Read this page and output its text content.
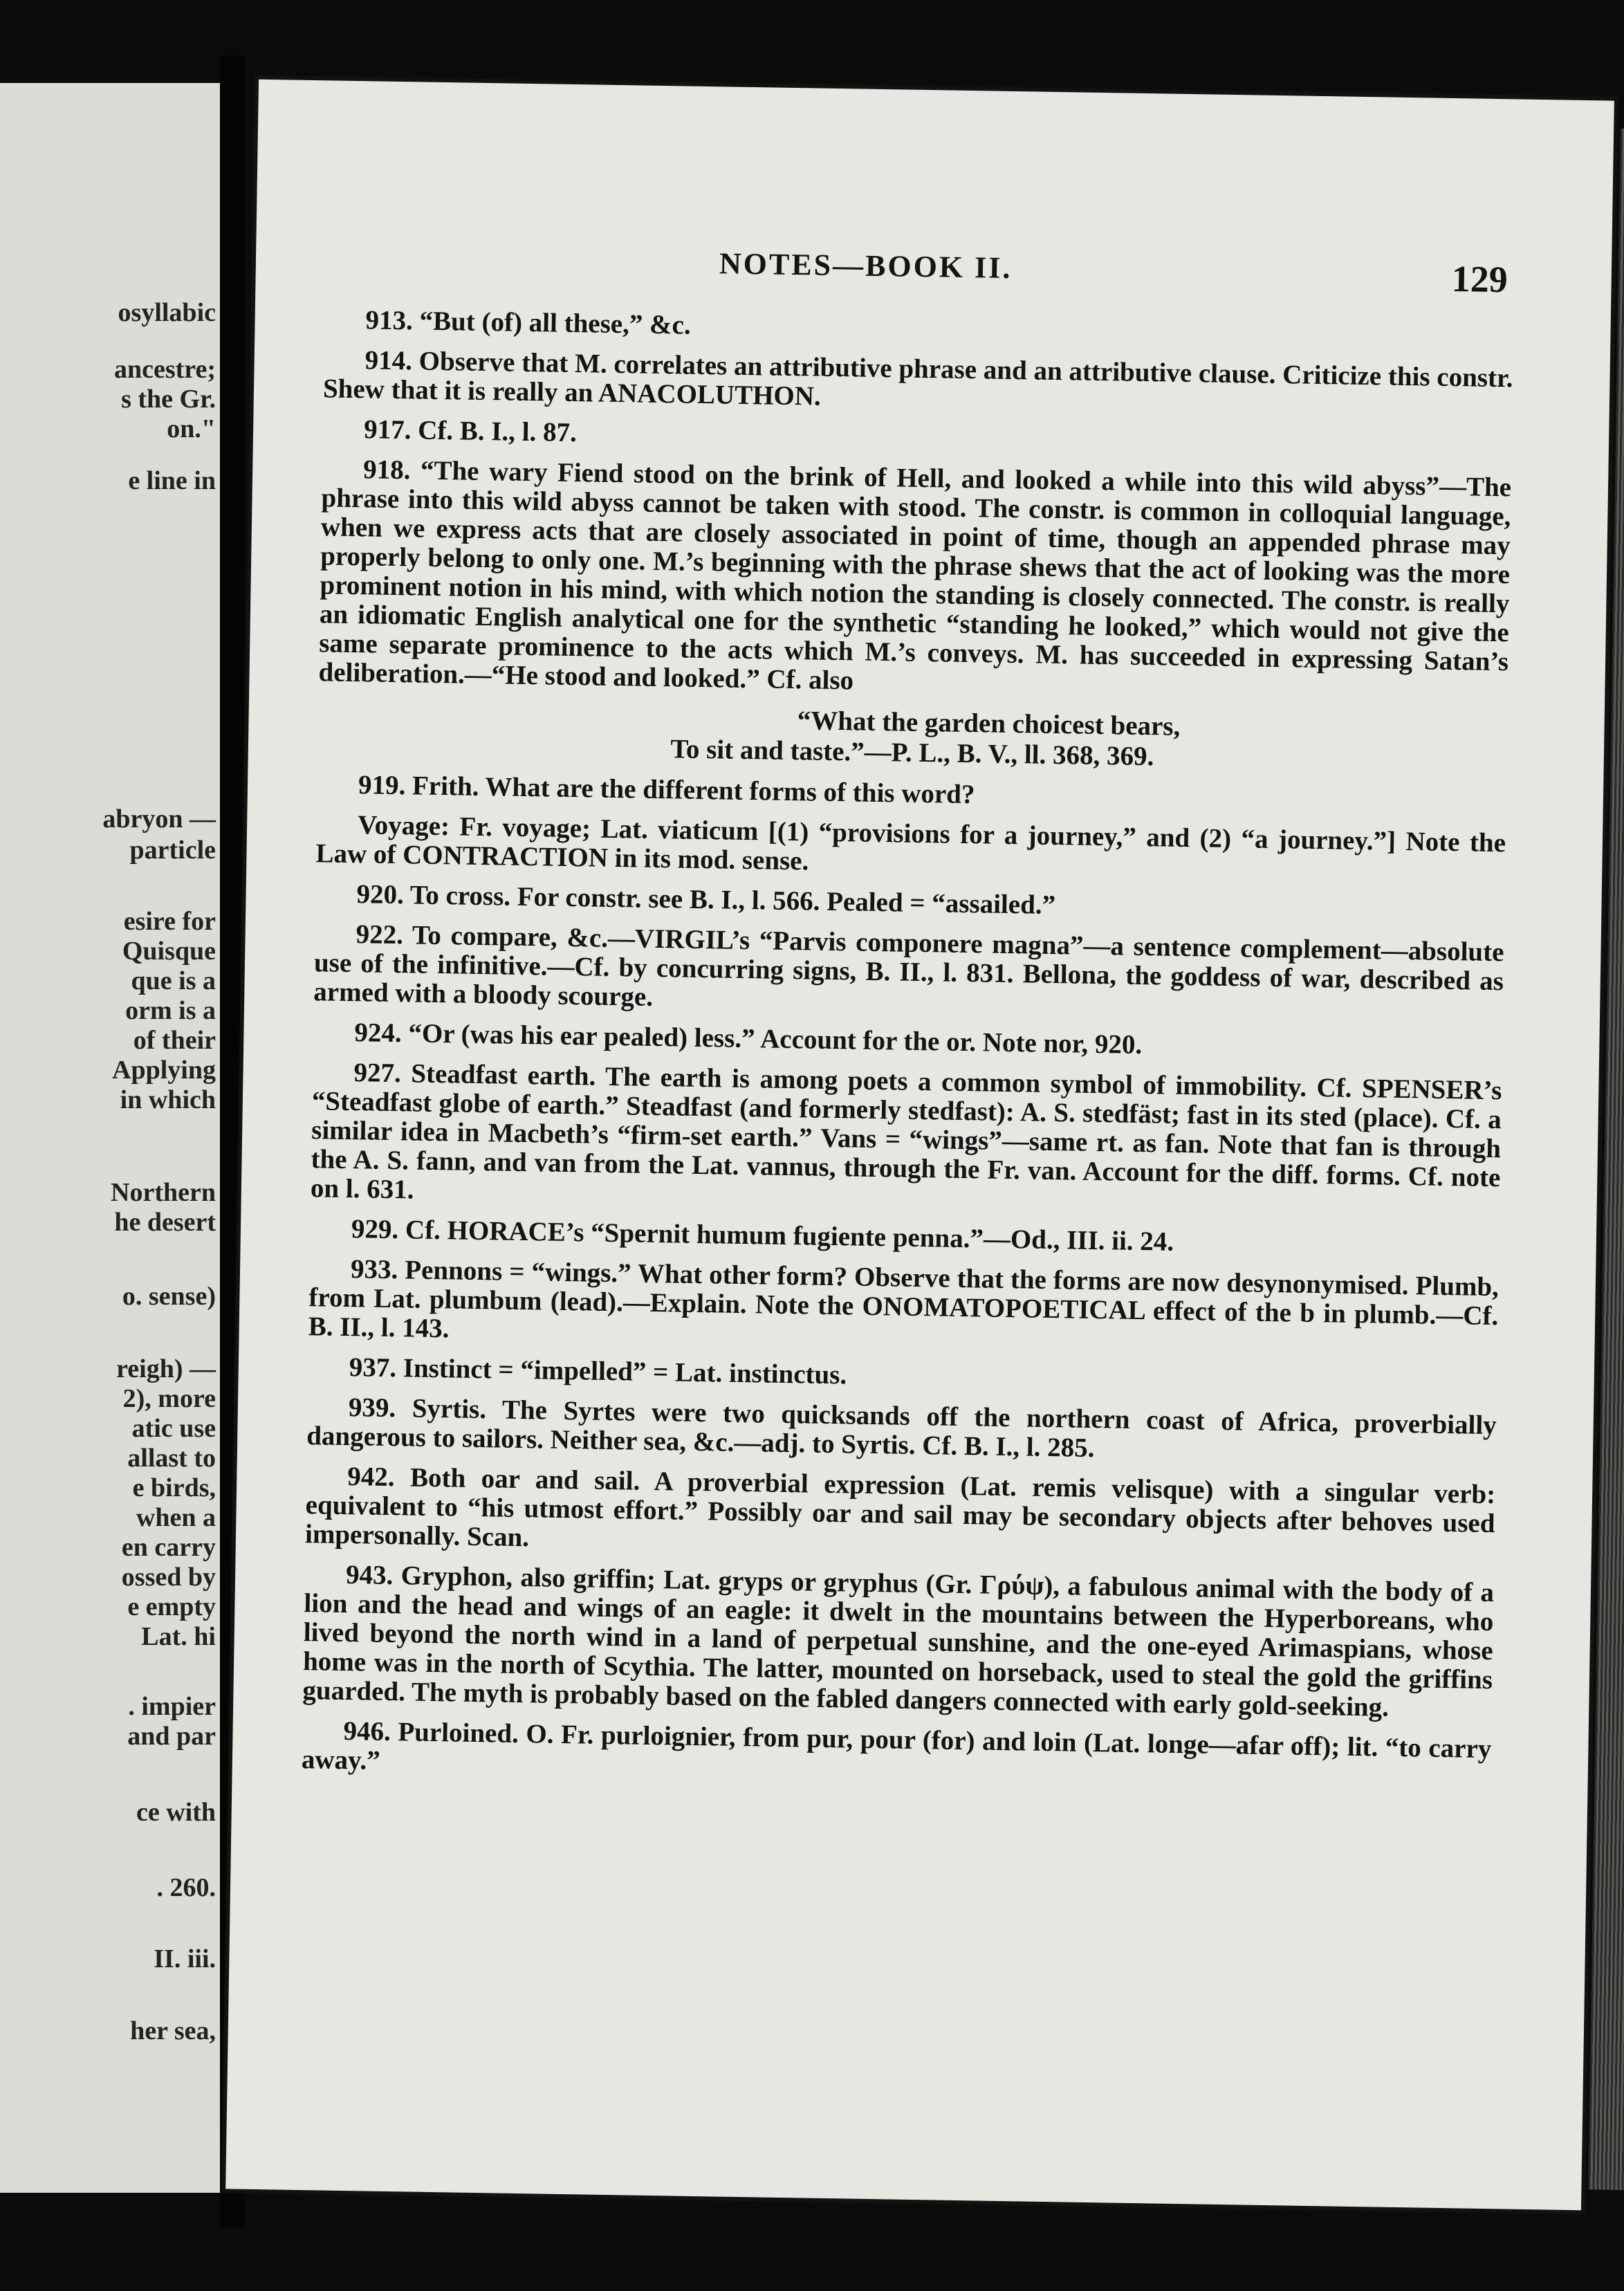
osyllabic
ancestre;
s the Gr.
on."
e line in
abryon —
particle
esire for
Quisque
que is a
orm is a
of their
Applying
in which
Northern
he desert
o. sense)
reigh) —
2), more
atic use
allast to
e birds,
when a
en carry
ossed by
e empty
Lat. hi
. impier
and par
ce with
. 260.
II. iii.
her sea,
NOTES—BOOK II.	129

913. “But (of) all these,” &c.

914. Observe that M. correlates an attributive phrase and an attributive clause. Criticize this constr. Shew that it is really an ANACOLUTHON.

917. Cf. B. I., l. 87.

918. “The wary Fiend stood on the brink of Hell, and looked a while into this wild abyss”—The phrase into this wild abyss cannot be taken with stood. The constr. is common in colloquial language, when we express acts that are closely associated in point of time, though an appended phrase may properly belong to only one. M.’s beginning with the phrase shews that the act of looking was the more prominent notion in his mind, with which notion the standing is closely connected. The constr. is really an idiomatic English analytical one for the synthetic “standing he looked,” which would not give the same separate prominence to the acts which M.’s conveys. M. has succeeded in expressing Satan’s deliberation.—“He stood and looked.” Cf. also

“What the garden choicest bears,
To sit and taste.”—P. L., B. V., ll. 368, 369.

919. Frith. What are the different forms of this word?

Voyage: Fr. voyage; Lat. viaticum [(1) “provisions for a journey,” and (2) “a journey.”] Note the Law of CONTRACTION in its mod. sense.

920. To cross. For constr. see B. I., l. 566. Pealed = “assailed.”

922. To compare, &c.—VIRGIL’s “Parvis componere magna”—a sentence complement—absolute use of the infinitive.—Cf. by concurring signs, B. II., l. 831. Bellona, the goddess of war, described as armed with a bloody scourge.

924. “Or (was his ear pealed) less.” Account for the or. Note nor, 920.

927. Steadfast earth. The earth is among poets a common symbol of immobility. Cf. SPENSER’s “Steadfast globe of earth.” Steadfast (and formerly stedfast): A. S. stedfäst; fast in its sted (place). Cf. a similar idea in Macbeth’s “firm-set earth.” Vans = “wings”—same rt. as fan. Note that fan is through the A. S. fann, and van from the Lat. vannus, through the Fr. van. Account for the diff. forms. Cf. note on l. 631.

929. Cf. HORACE’s “Spernit humum fugiente penna.”—Od., III. ii. 24.

933. Pennons = “wings.” What other form? Observe that the forms are now desynonymised. Plumb, from Lat. plumbum (lead).—Explain. Note the ONOMATOPOETICAL effect of the b in plumb.—Cf. B. II., l. 143.

937. Instinct = “impelled” = Lat. instinctus.

939. Syrtis. The Syrtes were two quicksands off the northern coast of Africa, proverbially dangerous to sailors. Neither sea, &c.—adj. to Syrtis. Cf. B. I., l. 285.

942. Both oar and sail. A proverbial expression (Lat. remis velisque) with a singular verb: equivalent to “his utmost effort.” Possibly oar and sail may be secondary objects after behoves used impersonally. Scan.

943. Gryphon, also griffin; Lat. gryps or gryphus (Gr. Γρύψ), a fabulous animal with the body of a lion and the head and wings of an eagle: it dwelt in the mountains between the Hyperboreans, who lived beyond the north wind in a land of perpetual sunshine, and the one-eyed Arimaspians, whose home was in the north of Scythia. The latter, mounted on horseback, used to steal the gold the griffins guarded. The myth is probably based on the fabled dangers connected with early gold-seeking.

946. Purloined. O. Fr. purloignier, from pur, pour (for) and loin (Lat. longe—afar off); lit. “to carry away.”
